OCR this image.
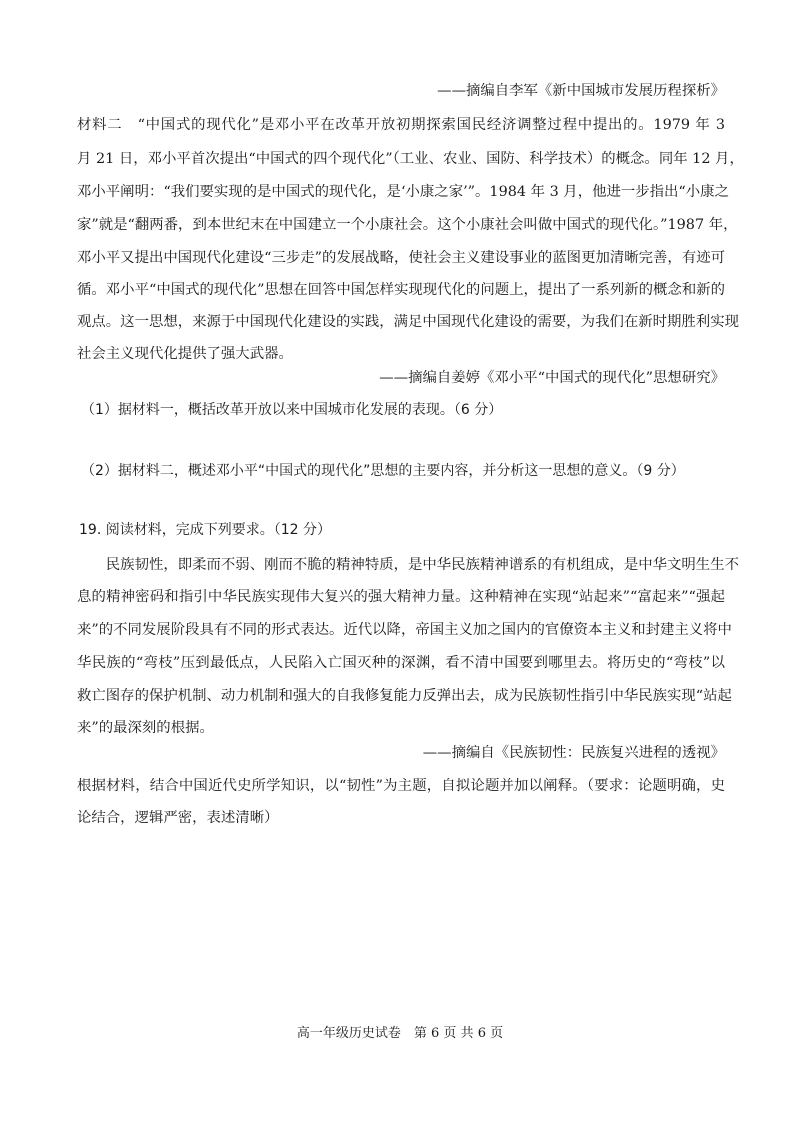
——摘编自李军《新中国城市发展历程探析》
材料二　“中国式的现代化”是邓小平在改革开放初期探索国民经济调整过程中提出的。1979 年 3
月 21 日，邓小平首次提出“中国式的四个现代化”（工业、农业、国防、科学技术）的概念。同年 12 月，
邓小平阐明：“我们要实现的是中国式的现代化，是‘小康之家’”。1984 年 3 月，他进一步指出“小康之
家”就是“翻两番，到本世纪末在中国建立一个小康社会。这个小康社会叫做中国式的现代化。”1987 年，
邓小平又提出中国现代化建设“三步走”的发展战略，使社会主义建设事业的蓝图更加清晰完善，有迹可
循。邓小平“中国式的现代化”思想在回答中国怎样实现现代化的问题上，提出了一系列新的概念和新的
观点。这一思想，来源于中国现代化建设的实践，满足中国现代化建设的需要，为我们在新时期胜利实现
社会主义现代化提供了强大武器。
——摘编自姜婷《邓小平“中国式的现代化”思想研究》
（1）据材料一，概括改革开放以来中国城市化发展的表现。（6 分）
（2）据材料二，概述邓小平“中国式的现代化”思想的主要内容，并分析这一思想的意义。（9 分）
19. 阅读材料，完成下列要求。（12 分）
　　民族韧性，即柔而不弱、刚而不脆的精神特质，是中华民族精神谱系的有机组成，是中华文明生生不
息的精神密码和指引中华民族实现伟大复兴的强大精神力量。这种精神在实现“站起来”“富起来”“强起
来”的不同发展阶段具有不同的形式表达。近代以降，帝国主义加之国内的官僚资本主义和封建主义将中
华民族的“弯枝”压到最低点，人民陷入亡国灭种的深渊，看不清中国要到哪里去。将历史的“弯枝”以
救亡图存的保护机制、动力机制和强大的自我修复能力反弹出去，成为民族韧性指引中华民族实现“站起
来”的最深刻的根据。
——摘编自《民族韧性：民族复兴进程的透视》
根据材料，结合中国近代史所学知识，以“韧性”为主题，自拟论题并加以阐释。（要求：论题明确，史
论结合，逻辑严密，表述清晰）
高一年级历史试卷　第 6 页 共 6 页
